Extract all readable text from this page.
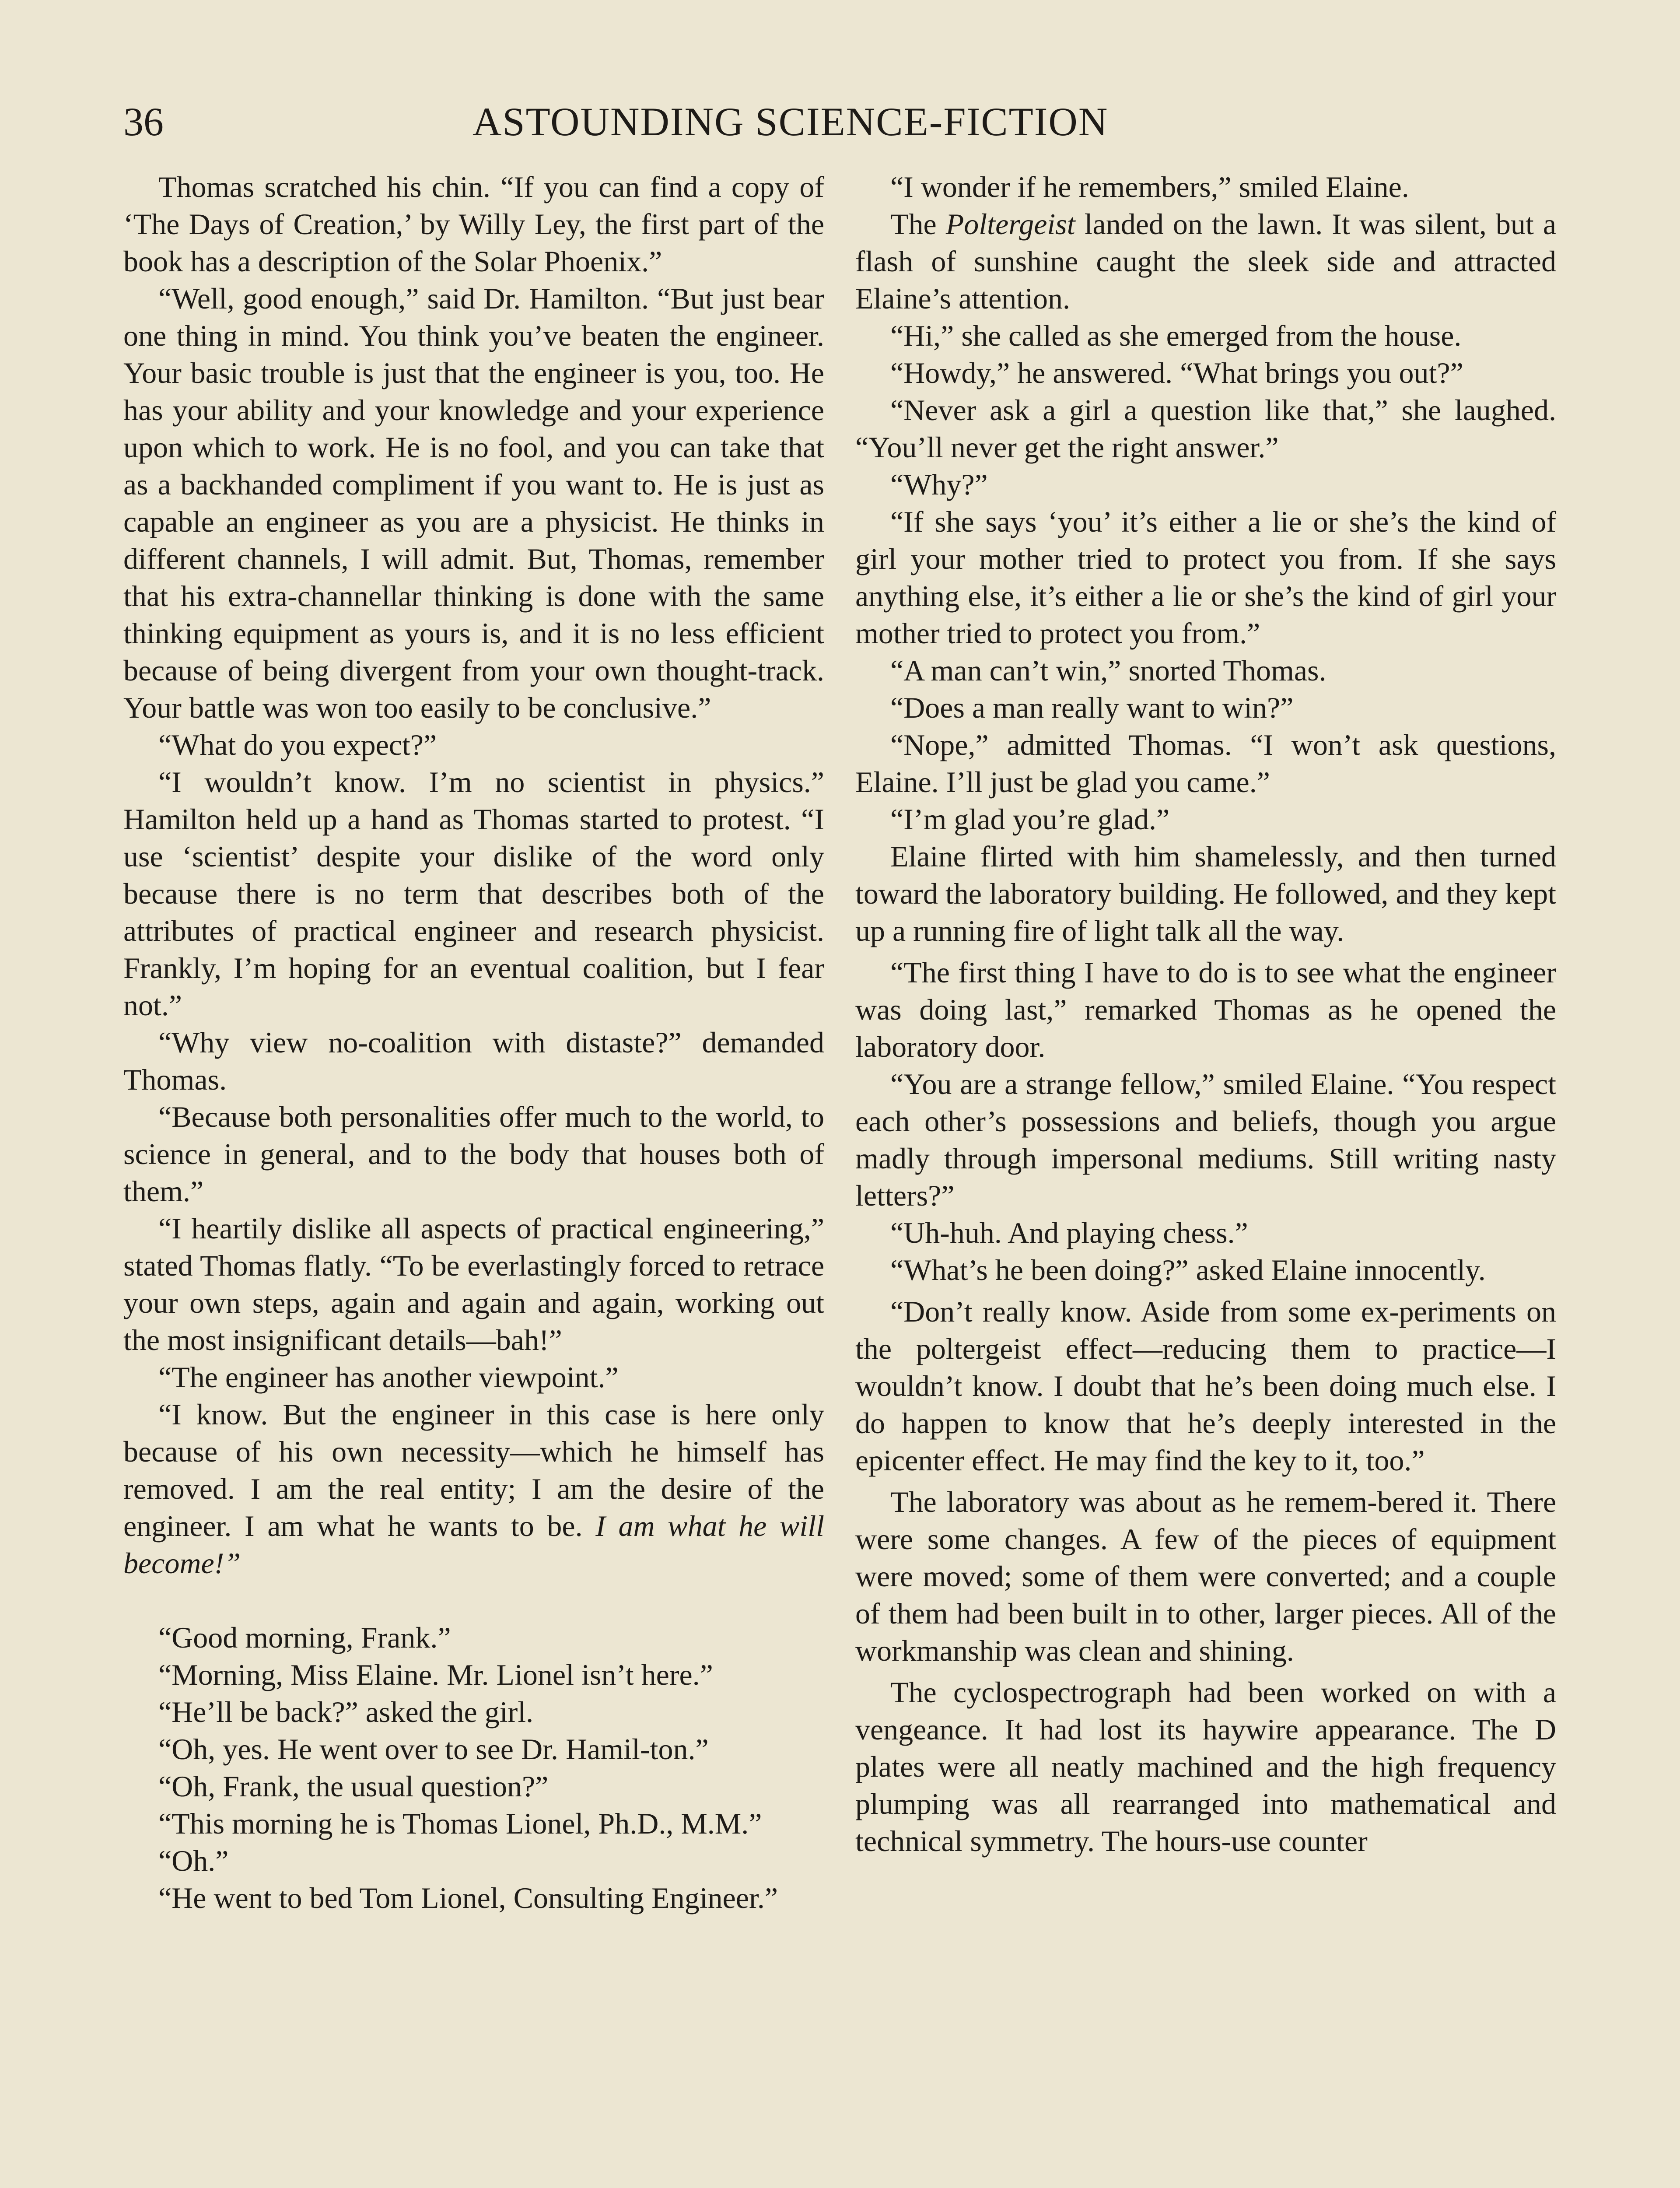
36	ASTOUNDING SCIENCE-FICTION

Thomas scratched his chin. “If you can find a copy of ‘The Days of Creation,’ by Willy Ley, the first part of the book has a description of the Solar Phoenix.”

“Well, good enough,” said Dr. Hamilton. “But just bear one thing in mind. You think you’ve beaten the engineer. Your basic trouble is just that the engineer is you, too. He has your ability and your knowledge and your experience upon which to work. He is no fool, and you can take that as a backhanded compliment if you want to. He is just as capable an engineer as you are a physicist. He thinks in different channels, I will admit. But, Thomas, remember that his extra-channellar thinking is done with the same thinking equipment as yours is, and it is no less efficient because of being divergent from your own thought-track. Your battle was won too easily to be conclusive.”

“What do you expect?”

“I wouldn’t know. I’m no scientist in physics.” Hamilton held up a hand as Thomas started to protest. “I use ‘scientist’ despite your dislike of the word only because there is no term that describes both of the attributes of practical engineer and research physicist. Frankly, I’m hoping for an eventual coalition, but I fear not.”

“Why view no-coalition with distaste?” demanded Thomas.

“Because both personalities offer much to the world, to science in general, and to the body that houses both of them.”

“I heartily dislike all aspects of practical engineering,” stated Thomas flatly. “To be everlastingly forced to retrace your own steps, again and again and again, working out the most insignificant details—bah!”

“The engineer has another viewpoint.”

“I know. But the engineer in this case is here only because of his own necessity—which he himself has removed. I am the real entity; I am the desire of the engineer. I am what he wants to be. I am what he will become!”

“Good morning, Frank.”

“Morning, Miss Elaine. Mr. Lionel isn’t here.”

“He’ll be back?” asked the girl.

“Oh, yes. He went over to see Dr. Hamil-ton.”

“Oh, Frank, the usual question?”

“This morning he is Thomas Lionel, Ph.D., M.M.”

“Oh.”

“He went to bed Tom Lionel, Consulting Engineer.”

“I wonder if he remembers,” smiled Elaine.

The Poltergeist landed on the lawn. It was silent, but a flash of sunshine caught the sleek side and attracted Elaine’s attention.

“Hi,” she called as she emerged from the house.

“Howdy,” he answered. “What brings you out?”

“Never ask a girl a question like that,” she laughed. “You’ll never get the right answer.”

“Why?”

“If she says ‘you’ it’s either a lie or she’s the kind of girl your mother tried to protect you from. If she says anything else, it’s either a lie or she’s the kind of girl your mother tried to protect you from.”

“A man can’t win,” snorted Thomas.

“Does a man really want to win?”

“Nope,” admitted Thomas. “I won’t ask questions, Elaine. I’ll just be glad you came.”

“I’m glad you’re glad.”

Elaine flirted with him shamelessly, and then turned toward the laboratory building. He followed, and they kept up a running fire of light talk all the way.

“The first thing I have to do is to see what the engineer was doing last,” remarked Thomas as he opened the laboratory door.

“You are a strange fellow,” smiled Elaine. “You respect each other’s possessions and beliefs, though you argue madly through impersonal mediums. Still writing nasty letters?”

“Uh-huh. And playing chess.”

“What’s he been doing?” asked Elaine innocently.

“Don’t really know. Aside from some ex-periments on the poltergeist effect—reducing them to practice—I wouldn’t know. I doubt that he’s been doing much else. I do happen to know that he’s deeply interested in the epicenter effect. He may find the key to it, too.”

The laboratory was about as he remem-bered it. There were some changes. A few of the pieces of equipment were moved; some of them were converted; and a couple of them had been built in to other, larger pieces. All of the workmanship was clean and shining.

The cyclospectrograph had been worked on with a vengeance. It had lost its haywire appearance. The D plates were all neatly machined and the high frequency plumping was all rearranged into mathematical and technical symmetry. The hours-use counter
